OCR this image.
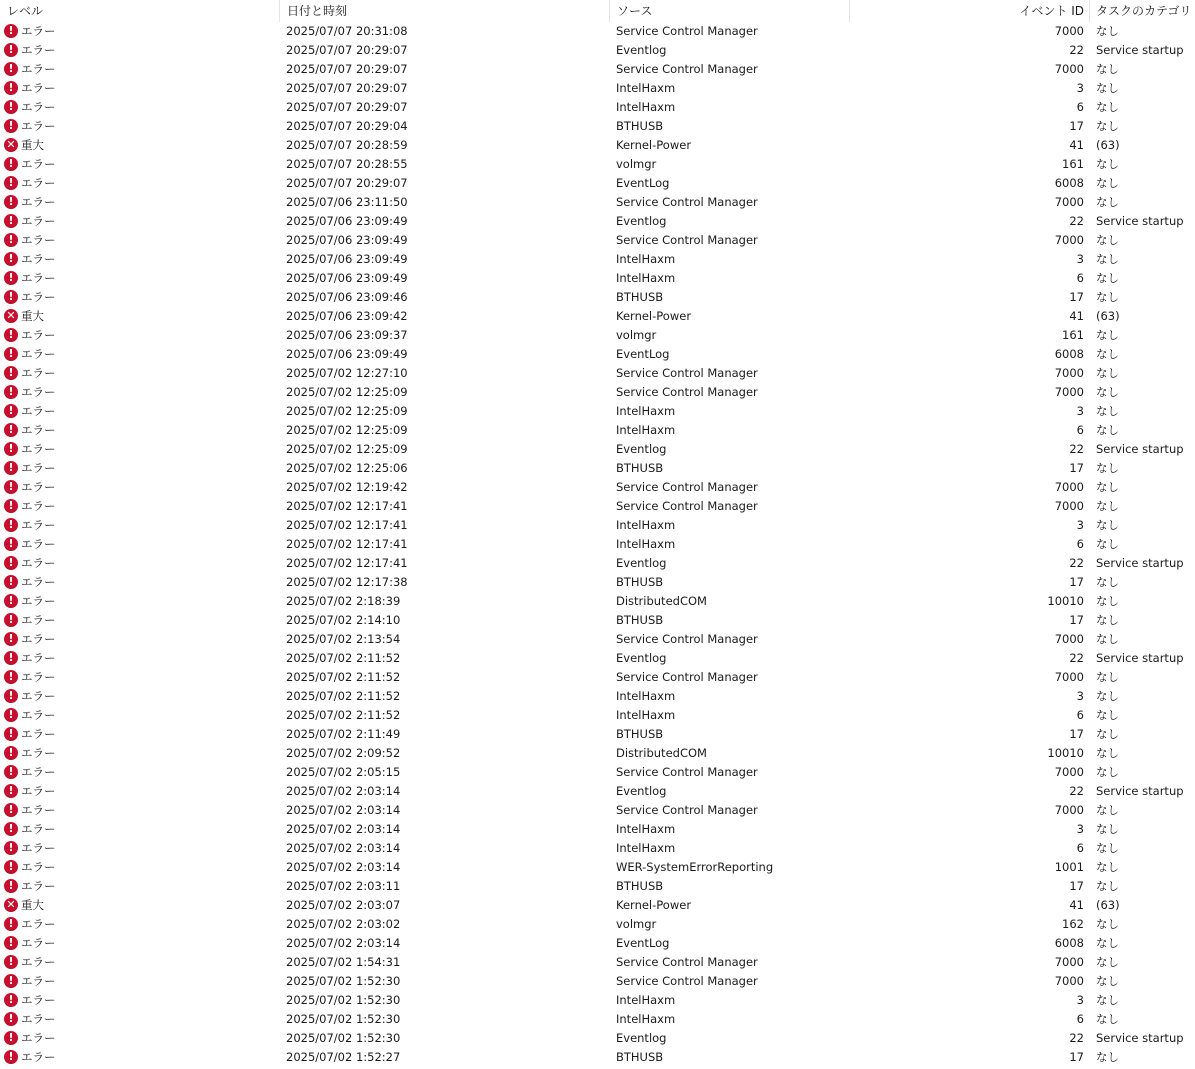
レベル	日付と時刻	ソース	イベント ID	タスクのカテゴリ
! エラー	2025/07/07 20:31:08	Service Control Manager	7000 なし
! エラー	2025/07/07 20:29:07	Eventlog	22 Service startup
! エラー	2025/07/07 20:29:07	Service Control Manager	7000 なし
! エラー	2025/07/07 20:29:07	IntelHaxm	3 なし
! エラー	2025/07/07 20:29:07	IntelHaxm	6 なし
! エラー	2025/07/07 20:29:04	BTHUSB	17 なし
✕ 重大	2025/07/07 20:28:59	Kernel-Power	41 (63)
! エラー	2025/07/07 20:28:55	volmgr	161 なし
! エラー	2025/07/07 20:29:07	EventLog	6008 なし
! エラー	2025/07/06 23:11:50	Service Control Manager	7000 なし
! エラー	2025/07/06 23:09:49	Eventlog	22 Service startup
! エラー	2025/07/06 23:09:49	Service Control Manager	7000 なし
! エラー	2025/07/06 23:09:49	IntelHaxm	3 なし
! エラー	2025/07/06 23:09:49	IntelHaxm	6 なし
! エラー	2025/07/06 23:09:46	BTHUSB	17 なし
✕ 重大	2025/07/06 23:09:42	Kernel-Power	41 (63)
! エラー	2025/07/06 23:09:37	volmgr	161 なし
! エラー	2025/07/06 23:09:49	EventLog	6008 なし
! エラー	2025/07/02 12:27:10	Service Control Manager	7000 なし
! エラー	2025/07/02 12:25:09	Service Control Manager	7000 なし
! エラー	2025/07/02 12:25:09	IntelHaxm	3 なし
! エラー	2025/07/02 12:25:09	IntelHaxm	6 なし
! エラー	2025/07/02 12:25:09	Eventlog	22 Service startup
! エラー	2025/07/02 12:25:06	BTHUSB	17 なし
! エラー	2025/07/02 12:19:42	Service Control Manager	7000 なし
! エラー	2025/07/02 12:17:41	Service Control Manager	7000 なし
! エラー	2025/07/02 12:17:41	IntelHaxm	3 なし
! エラー	2025/07/02 12:17:41	IntelHaxm	6 なし
! エラー	2025/07/02 12:17:41	Eventlog	22 Service startup
! エラー	2025/07/02 12:17:38	BTHUSB	17 なし
! エラー	2025/07/02 2:18:39	DistributedCOM	10010 なし
! エラー	2025/07/02 2:14:10	BTHUSB	17 なし
! エラー	2025/07/02 2:13:54	Service Control Manager	7000 なし
! エラー	2025/07/02 2:11:52	Eventlog	22 Service startup
! エラー	2025/07/02 2:11:52	Service Control Manager	7000 なし
! エラー	2025/07/02 2:11:52	IntelHaxm	3 なし
! エラー	2025/07/02 2:11:52	IntelHaxm	6 なし
! エラー	2025/07/02 2:11:49	BTHUSB	17 なし
! エラー	2025/07/02 2:09:52	DistributedCOM	10010 なし
! エラー	2025/07/02 2:05:15	Service Control Manager	7000 なし
! エラー	2025/07/02 2:03:14	Eventlog	22 Service startup
! エラー	2025/07/02 2:03:14	Service Control Manager	7000 なし
! エラー	2025/07/02 2:03:14	IntelHaxm	3 なし
! エラー	2025/07/02 2:03:14	IntelHaxm	6 なし
! エラー	2025/07/02 2:03:14	WER-SystemErrorReporting	1001 なし
! エラー	2025/07/02 2:03:11	BTHUSB	17 なし
✕ 重大	2025/07/02 2:03:07	Kernel-Power	41 (63)
! エラー	2025/07/02 2:03:02	volmgr	162 なし
! エラー	2025/07/02 2:03:14	EventLog	6008 なし
! エラー	2025/07/02 1:54:31	Service Control Manager	7000 なし
! エラー	2025/07/02 1:52:30	Service Control Manager	7000 なし
! エラー	2025/07/02 1:52:30	IntelHaxm	3 なし
! エラー	2025/07/02 1:52:30	IntelHaxm	6 なし
! エラー	2025/07/02 1:52:30	Eventlog	22 Service startup
! エラー	2025/07/02 1:52:27	BTHUSB	17 なし
